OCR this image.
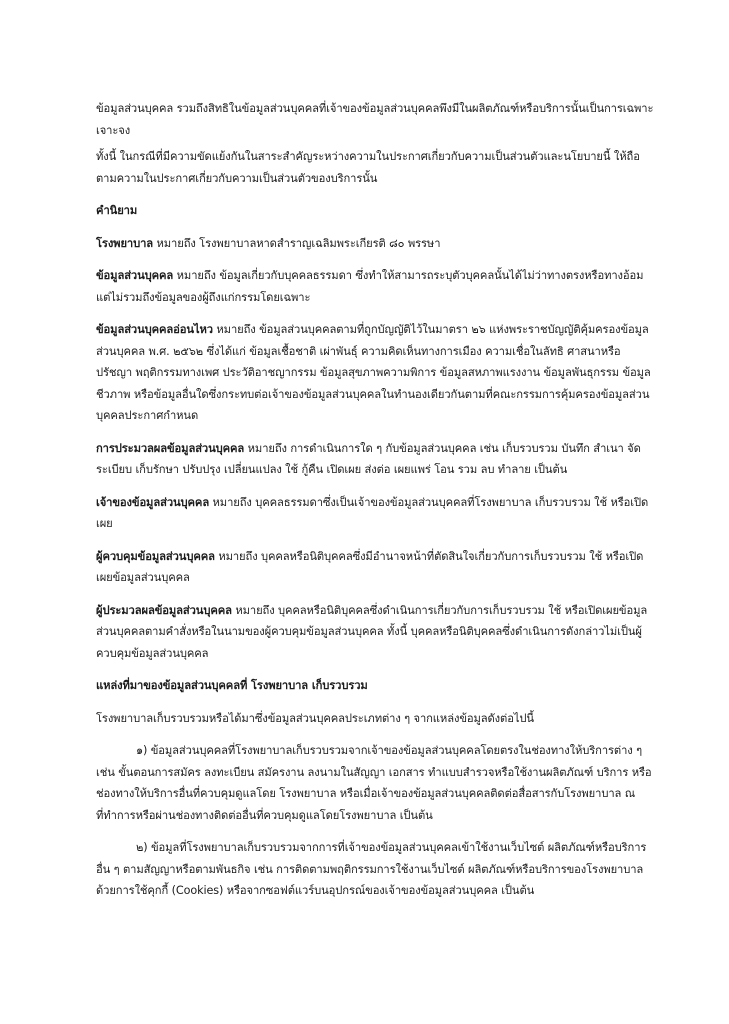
ข้อมูลส่วนบุคคล รวมถึงสิทธิในข้อมูลส่วนบุคคลที่เจ้าของข้อมูลส่วนบุคคลพึงมีในผลิตภัณฑ์หรือบริการนั้นเป็นการเฉพาะเจาะจง

ทั้งนี้ ในกรณีที่มีความขัดแย้งกันในสาระสำคัญระหว่างความในประกาศเกี่ยวกับความเป็นส่วนตัวและนโยบายนี้ ให้ถือตามความในประกาศเกี่ยวกับความเป็นส่วนตัวของบริการนั้น

คำนิยาม

โรงพยาบาล หมายถึง โรงพยาบาลหาดสำราญเฉลิมพระเกียรติ ๘๐ พรรษา

ข้อมูลส่วนบุคคล หมายถึง ข้อมูลเกี่ยวกับบุคคลธรรมดา ซึ่งทำให้สามารถระบุตัวบุคคลนั้นได้ไม่ว่าทางตรงหรือทางอ้อม แต่ไม่รวมถึงข้อมูลของผู้ถึงแก่กรรมโดยเฉพาะ

ข้อมูลส่วนบุคคลอ่อนไหว หมายถึง ข้อมูลส่วนบุคคลตามที่ถูกบัญญัติไว้ในมาตรา ๒๖ แห่งพระราชบัญญัติคุ้มครองข้อมูลส่วนบุคคล พ.ศ. ๒๕๖๒ ซึ่งได้แก่ ข้อมูลเชื้อชาติ เผ่าพันธุ์ ความคิดเห็นทางการเมือง ความเชื่อในลัทธิ ศาสนาหรือปรัชญา พฤติกรรมทางเพศ ประวัติอาชญากรรม ข้อมูลสุขภาพความพิการ ข้อมูลสหภาพแรงงาน ข้อมูลพันธุกรรม ข้อมูลชีวภาพ หรือข้อมูลอื่นใดซึ่งกระทบต่อเจ้าของข้อมูลส่วนบุคคลในทำนองเดียวกันตามที่คณะกรรมการคุ้มครองข้อมูลส่วนบุคคลประกาศกำหนด

การประมวลผลข้อมูลส่วนบุคคล หมายถึง การดำเนินการใด ๆ กับข้อมูลส่วนบุคคล เช่น เก็บรวบรวม บันทึก สำเนา จัดระเบียบ เก็บรักษา ปรับปรุง เปลี่ยนแปลง ใช้ กู้คืน เปิดเผย ส่งต่อ เผยแพร่ โอน รวม ลบ ทำลาย เป็นต้น

เจ้าของข้อมูลส่วนบุคคล หมายถึง บุคคลธรรมดาซึ่งเป็นเจ้าของข้อมูลส่วนบุคคลที่โรงพยาบาล เก็บรวบรวม ใช้ หรือเปิดเผย

ผู้ควบคุมข้อมูลส่วนบุคคล หมายถึง บุคคลหรือนิติบุคคลซึ่งมีอำนาจหน้าที่ตัดสินใจเกี่ยวกับการเก็บรวบรวม ใช้ หรือเปิดเผยข้อมูลส่วนบุคคล

ผู้ประมวลผลข้อมูลส่วนบุคคล หมายถึง บุคคลหรือนิติบุคคลซึ่งดำเนินการเกี่ยวกับการเก็บรวบรวม ใช้ หรือเปิดเผยข้อมูลส่วนบุคคลตามคำสั่งหรือในนามของผู้ควบคุมข้อมูลส่วนบุคคล ทั้งนี้ บุคคลหรือนิติบุคคลซึ่งดำเนินการดังกล่าวไม่เป็นผู้ควบคุมข้อมูลส่วนบุคคล

แหล่งที่มาของข้อมูลส่วนบุคคลที่ โรงพยาบาล เก็บรวบรวม

โรงพยาบาลเก็บรวบรวมหรือได้มาซึ่งข้อมูลส่วนบุคคลประเภทต่าง ๆ จากแหล่งข้อมูลดังต่อไปนี้

๑) ข้อมูลส่วนบุคคลที่โรงพยาบาลเก็บรวบรวมจากเจ้าของข้อมูลส่วนบุคคลโดยตรงในช่องทางให้บริการต่าง ๆ เช่น ขั้นตอนการสมัคร ลงทะเบียน สมัครงาน ลงนามในสัญญา เอกสาร ทำแบบสำรวจหรือใช้งานผลิตภัณฑ์ บริการ หรือช่องทางให้บริการอื่นที่ควบคุมดูแลโดย โรงพยาบาล หรือเมื่อเจ้าของข้อมูลส่วนบุคคลติดต่อสื่อสารกับโรงพยาบาล ณ ที่ทำการหรือผ่านช่องทางติดต่ออื่นที่ควบคุมดูแลโดยโรงพยาบาล เป็นต้น

๒) ข้อมูลที่โรงพยาบาลเก็บรวบรวมจากการที่เจ้าของข้อมูลส่วนบุคคลเข้าใช้งานเว็บไซต์ ผลิตภัณฑ์หรือบริการอื่น ๆ ตามสัญญาหรือตามพันธกิจ เช่น การติดตามพฤติกรรมการใช้งานเว็บไซต์ ผลิตภัณฑ์หรือบริการของโรงพยาบาล ด้วยการใช้คุกกี้ (Cookies) หรือจากซอฟต์แวร์บนอุปกรณ์ของเจ้าของข้อมูลส่วนบุคคล เป็นต้น
